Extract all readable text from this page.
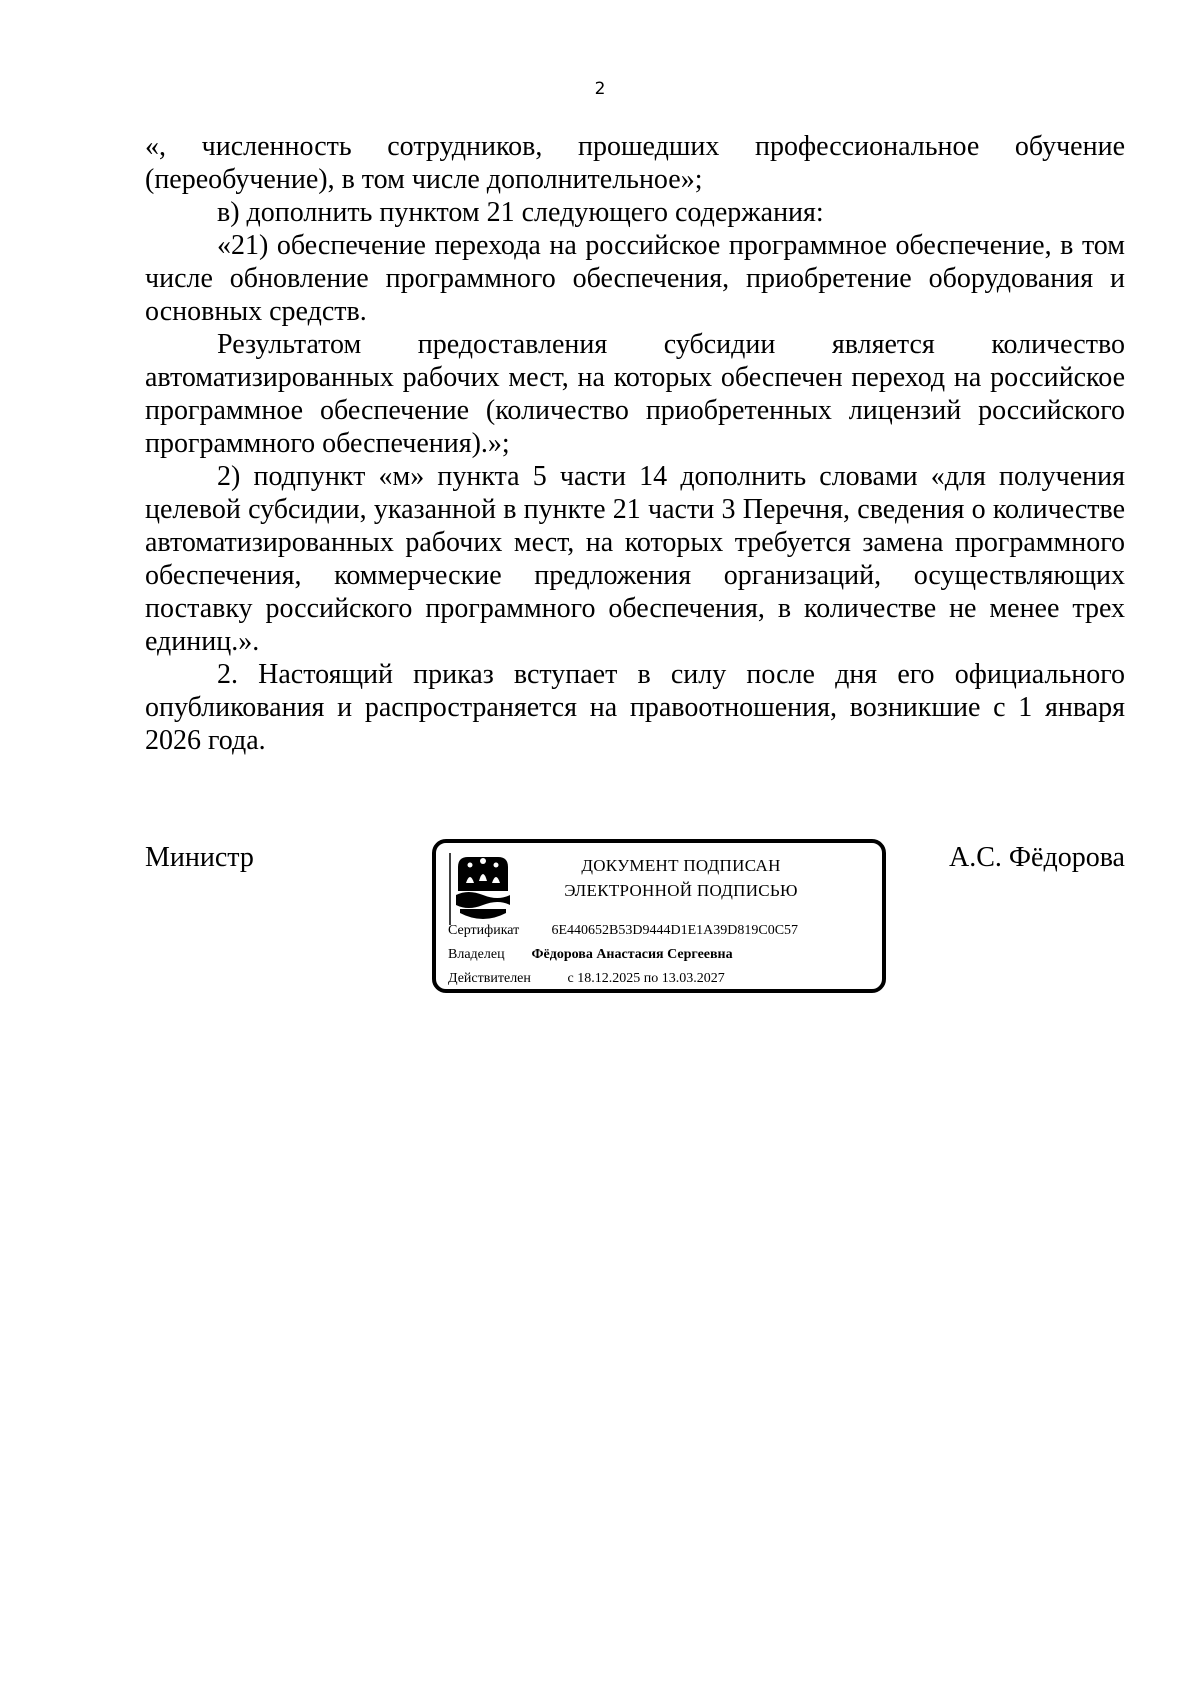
2

«, численность сотрудников, прошедших профессиональное обучение (переобучение), в том числе дополнительное»;

в) дополнить пунктом 21 следующего содержания:

«21) обеспечение перехода на российское программное обеспечение, в том числе обновление программного обеспечения, приобретение оборудования и основных средств.

Результатом предоставления субсидии является количество автоматизированных рабочих мест, на которых обеспечен переход на российское программное обеспечение (количество приобретенных лицензий российского программного обеспечения).»;

2) подпункт «м» пункта 5 части 14 дополнить словами «для получения целевой субсидии, указанной в пункте 21 части 3 Перечня, сведения о количестве автоматизированных рабочих мест, на которых требуется замена программного обеспечения, коммерческие предложения организаций, осуществляющих поставку российского программного обеспечения, в количестве не менее трех единиц.».

2. Настоящий приказ вступает в силу после дня его официального опубликования и распространяется на правоотношения, возникшие с 1 января 2026 года.

Министр	ДОКУМЕНТ ПОДПИСАН
ЭЛЕКТРОННОЙ ПОДПИСЬЮ
Сертификат 6E440652B53D9444D1E1A39D819C0C57
Владелец Фёдорова Анастасия Сергеевна
Действителен	с 18.12.2025 по 13.03.2027
А.С. Фёдорова
